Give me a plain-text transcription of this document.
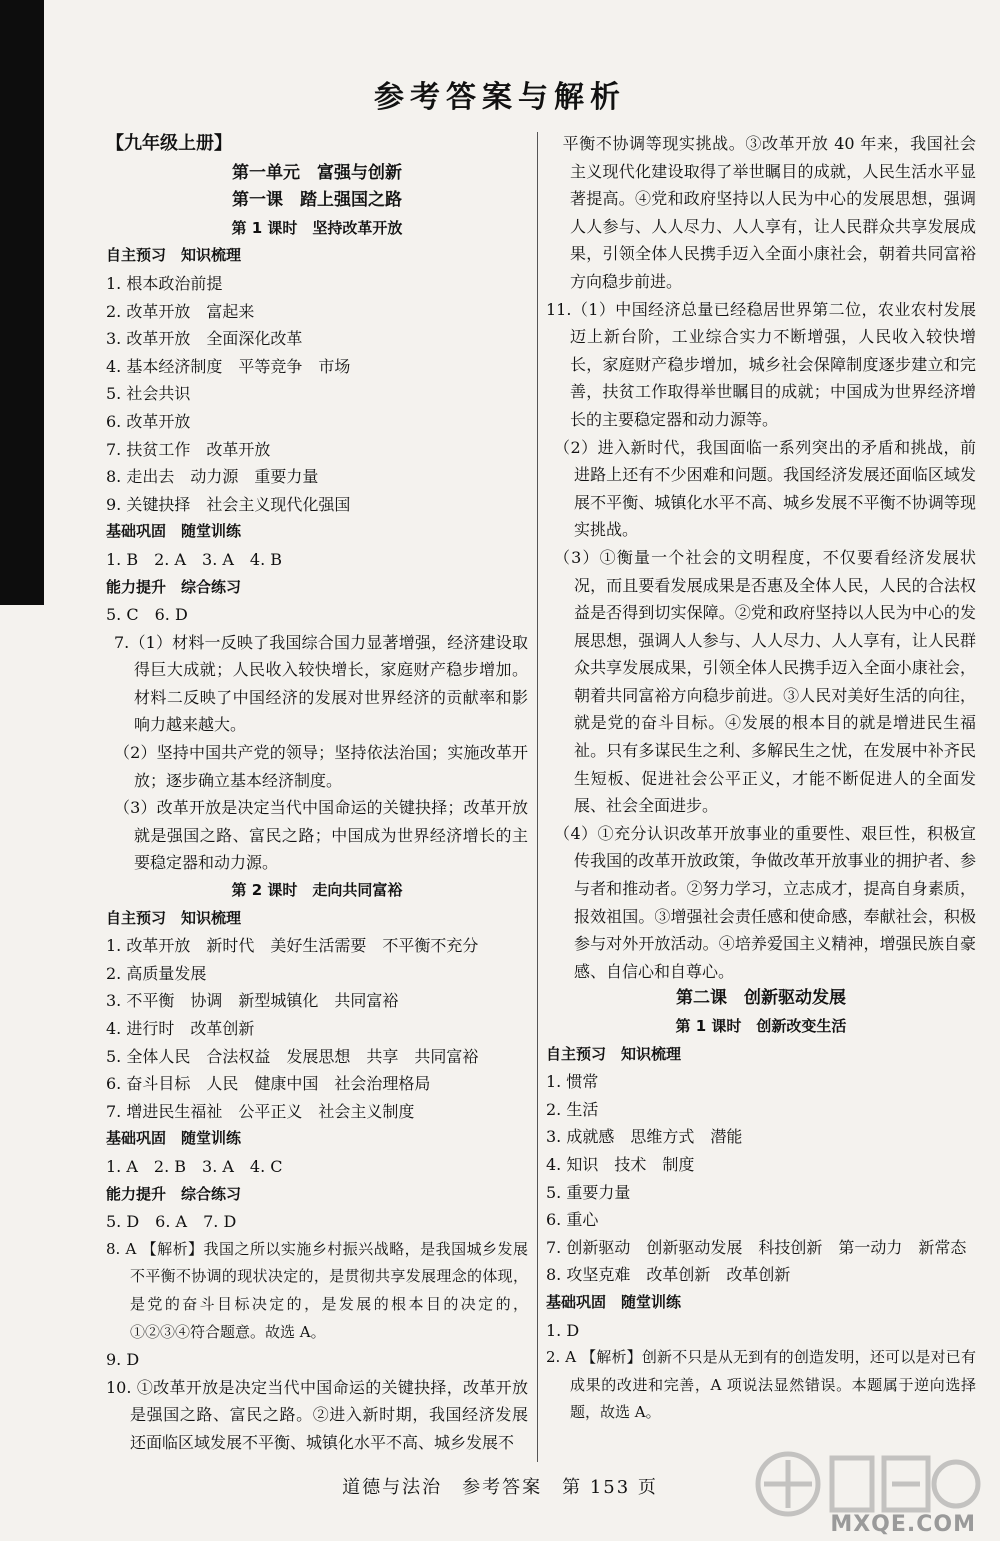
参考答案与解析
【九年级上册】
第一单元　富强与创新
第一课　踏上强国之路
第 1 课时　坚持改革开放
自主预习　知识梳理
1. 根本政治前提
2. 改革开放　富起来
3. 改革开放　全面深化改革
4. 基本经济制度　平等竞争　市场
5. 社会共识
6. 改革开放
7. 扶贫工作　改革开放
8. 走出去　动力源　重要力量
9. 关键抉择　社会主义现代化强国
基础巩固　随堂训练
1. B　2. A　3. A　4. B
能力提升　综合练习
5. C　6. D
7.（1）材料一反映了我国综合国力显著增强，经济建设取得巨大成就；人民收入较快增长，家庭财产稳步增加。材料二反映了中国经济的发展对世界经济的贡献率和影响力越来越大。
（2）坚持中国共产党的领导；坚持依法治国；实施改革开放；逐步确立基本经济制度。
（3）改革开放是决定当代中国命运的关键抉择；改革开放就是强国之路、富民之路；中国成为世界经济增长的主要稳定器和动力源。
第 2 课时　走向共同富裕
自主预习　知识梳理
1. 改革开放　新时代　美好生活需要　不平衡不充分
2. 高质量发展
3. 不平衡　协调　新型城镇化　共同富裕
4. 进行时　改革创新
5. 全体人民　合法权益　发展思想　共享　共同富裕
6. 奋斗目标　人民　健康中国　社会治理格局
7. 增进民生福祉　公平正义　社会主义制度
基础巩固　随堂训练
1. A　2. B　3. A　4. C
能力提升　综合练习
5. D　6. A　7. D
8. A 【解析】我国之所以实施乡村振兴战略，是我国城乡发展不平衡不协调的现状决定的，是贯彻共享发展理念的体现，是党的奋斗目标决定的，是发展的根本目的决定的，①②③④符合题意。故选 A。
9. D
10. ①改革开放是决定当代中国命运的关键抉择，改革开放是强国之路、富民之路。②进入新时期，我国经济发展还面临区域发展不平衡、城镇化水平不高、城乡发展不
　平衡不协调等现实挑战。③改革开放 40 年来，我国社会主义现代化建设取得了举世瞩目的成就，人民生活水平显著提高。④党和政府坚持以人民为中心的发展思想，强调人人参与、人人尽力、人人享有，让人民群众共享发展成果，引领全体人民携手迈入全面小康社会，朝着共同富裕方向稳步前进。
11.（1）中国经济总量已经稳居世界第二位，农业农村发展迈上新台阶，工业综合实力不断增强，人民收入较快增长，家庭财产稳步增加，城乡社会保障制度逐步建立和完善，扶贫工作取得举世瞩目的成就；中国成为世界经济增长的主要稳定器和动力源等。
（2）进入新时代，我国面临一系列突出的矛盾和挑战，前进路上还有不少困难和问题。我国经济发展还面临区域发展不平衡、城镇化水平不高、城乡发展不平衡不协调等现实挑战。
（3）①衡量一个社会的文明程度，不仅要看经济发展状况，而且要看发展成果是否惠及全体人民，人民的合法权益是否得到切实保障。②党和政府坚持以人民为中心的发展思想，强调人人参与、人人尽力、人人享有，让人民群众共享发展成果，引领全体人民携手迈入全面小康社会，朝着共同富裕方向稳步前进。③人民对美好生活的向往，就是党的奋斗目标。④发展的根本目的就是增进民生福祉。只有多谋民生之利、多解民生之忧，在发展中补齐民生短板、促进社会公平正义，才能不断促进人的全面发展、社会全面进步。
（4）①充分认识改革开放事业的重要性、艰巨性，积极宣传我国的改革开放政策，争做改革开放事业的拥护者、参与者和推动者。②努力学习，立志成才，提高自身素质，报效祖国。③增强社会责任感和使命感，奉献社会，积极参与对外开放活动。④培养爱国主义精神，增强民族自豪感、自信心和自尊心。
第二课　创新驱动发展
第 1 课时　创新改变生活
自主预习　知识梳理
1. 惯常
2. 生活
3. 成就感　思维方式　潜能
4. 知识　技术　制度
5. 重要力量
6. 重心
7. 创新驱动　创新驱动发展　科技创新　第一动力　新常态
8. 攻坚克难　改革创新　改革创新
基础巩固　随堂训练
1. D
2. A 【解析】创新不只是从无到有的创造发明，还可以是对已有成果的改进和完善，A 项说法显然错误。本题属于逆向选择题，故选 A。
道德与法治　参考答案　第 153 页
MXQE.COM
